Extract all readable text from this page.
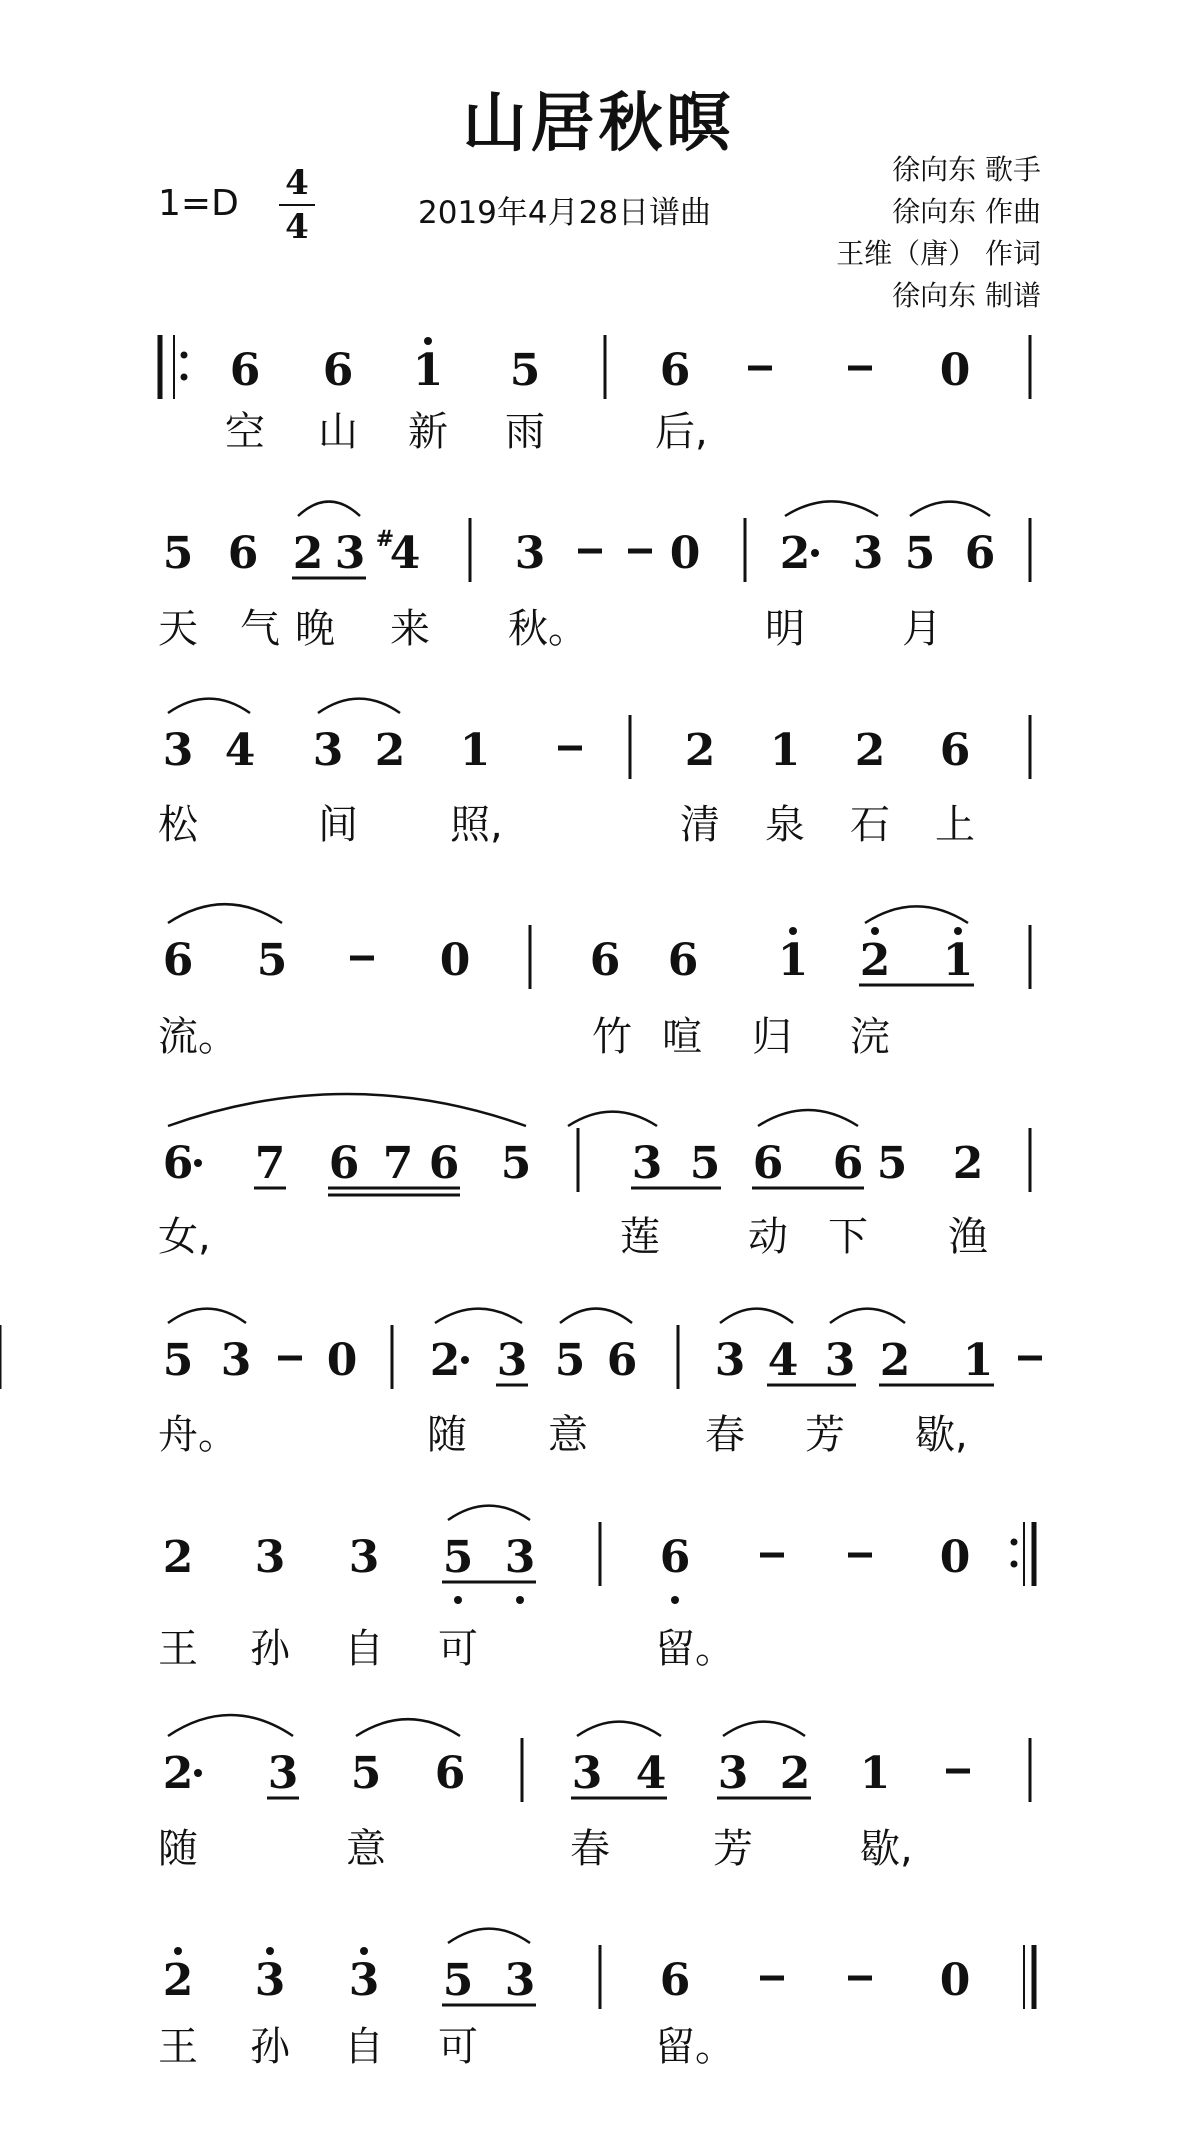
山居秋暝
1=D 4
4	2019年4月28日谱曲
徐向东 歌手
徐向东 作曲
王维（唐） 作词
徐向东 制谱
6 6 1 5	6	0
空 山 新 雨	后,
5 6 2 3 4
#	3	0 2 3 5 6
天 气 晚 来 秋。	明 月
3 4 3 2 1	2 1 2 6
松	间 照,	清 泉 石 上
6 5	0	6 6 1 2 1
流。	竹 喧 归 浣
6 7 6 7 6 5 3 5 6 6 5 2
女,	莲 动 下 渔
5 3 0 2 3 5 6 3 4 3 2 1
舟。	随 意	春 芳 歇,
2 3 3 5 3	6	0
王 孙 自 可	留。
2 3 5 6 3 4 3 2 1
随	意	春	芳	歇,
2 3 3 5 3	6	0
王 孙 自 可	留。
